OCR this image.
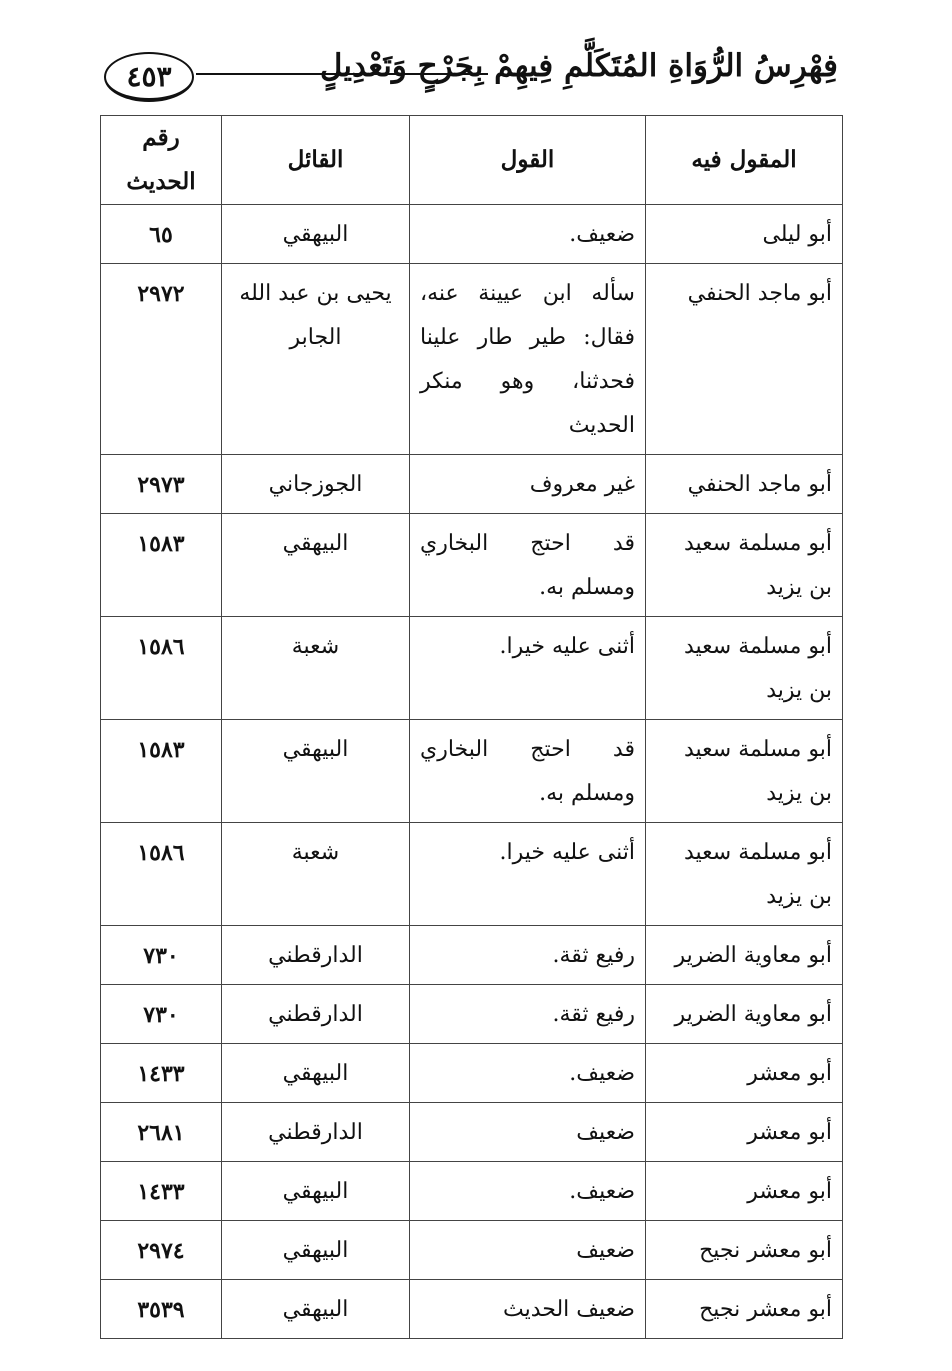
فِهْرِسُ الرُّوَاةِ المُتَكَلَّمِ فِيهِمْ بِجَرْحٍ وَتَعْدِيلٍ
٤٥٣
المقول فيه	القول	القائل	رقم الحديث
أبو ليلى	ضعيف.	البيهقي	٦٥
أبو ماجد الحنفي	سأله ابن عيينة عنه، فقال: طير طار علينا فحدثنا، وهو منكر الحديث	يحيى بن عبد الله الجابر	٢٩٧٢
أبو ماجد الحنفي	غير معروف	الجوزجاني	٢٩٧٣
أبو مسلمة سعيد بن يزيد	قد احتج البخاري ومسلم به.	البيهقي	١٥٨٣
أبو مسلمة سعيد بن يزيد	أثنى عليه خيرا.	شعبة	١٥٨٦
أبو مسلمة سعيد بن يزيد	قد احتج البخاري ومسلم به.	البيهقي	١٥٨٣
أبو مسلمة سعيد بن يزيد	أثنى عليه خيرا.	شعبة	١٥٨٦
أبو معاوية الضرير	رفيع ثقة.	الدارقطني	٧٣٠
أبو معاوية الضرير	رفيع ثقة.	الدارقطني	٧٣٠
أبو معشر	ضعيف.	البيهقي	١٤٣٣
أبو معشر	ضعيف	الدارقطني	٢٦٨١
أبو معشر	ضعيف.	البيهقي	١٤٣٣
أبو معشر نجيح	ضعيف	البيهقي	٢٩٧٤
أبو معشر نجيح	ضعيف الحديث	البيهقي	٣٥٣٩
